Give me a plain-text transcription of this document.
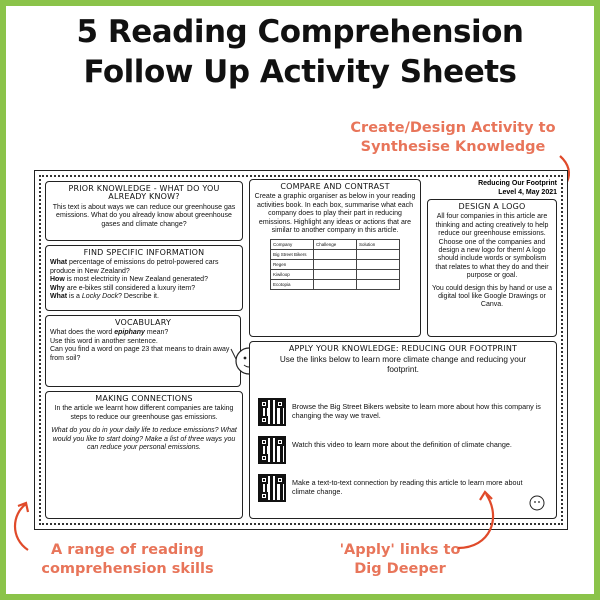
5 Reading Comprehension
Follow Up Activity Sheets
Create/Design Activity to
Synthesise Knowledge
Reducing Our Footprint
Level 4, May 2021
PRIOR KNOWLEDGE - WHAT DO YOU ALREADY KNOW?

This text is about ways we can reduce our greenhouse gas emissions. What do you already know about greenhouse gases and climate change?

FIND SPECIFIC INFORMATION

What percentage of emissions do petrol-powered cars produce in New Zealand?

How is most electricity in New Zealand generated?

Why are e-bikes still considered a luxury item?

What is a Locky Dock? Describe it.

VOCABULARY

What does the word epiphany mean?

Use this word in another sentence.

Can you find a word on page 23 that means to drain away from soil?

MAKING CONNECTIONS

In the article we learnt how different companies are taking steps to reduce our greenhouse gas emissions.

What do you do in your daily life to reduce emissions? What would you like to start doing? Make a list of three ways you can reduce your personal emissions.

COMPARE AND CONTRAST

Create a graphic organiser as below in your reading activities book. In each box, summarise what each company does to play their part in reducing emissions. Highlight any ideas or actions that are similar to another company in this article.

Company	Challenge	Solution
Big Street Bikers		
Regen		
Kiwiloop		
Ecotopia		
DESIGN A LOGO

All four companies in this article are thinking and acting creatively to help reduce our greenhouse emissions.

Choose one of the companies and design a new logo for them! A logo should include words or symbolism that relates to what they do and their purpose or goal.

You could design this by hand or use a digital tool like Google Drawings or Canva.

APPLY YOUR KNOWLEDGE: REDUCING OUR FOOTPRINT

Use the links below to learn more climate change and reducing your footprint.

Browse the Big Street Bikers website to learn more about how this company is changing the way we travel.
Watch this video to learn more about the definition of climate change.
Make a text-to-text connection by reading this article to learn more about climate change.
A range of reading
comprehension skills
'Apply' links to
Dig Deeper
